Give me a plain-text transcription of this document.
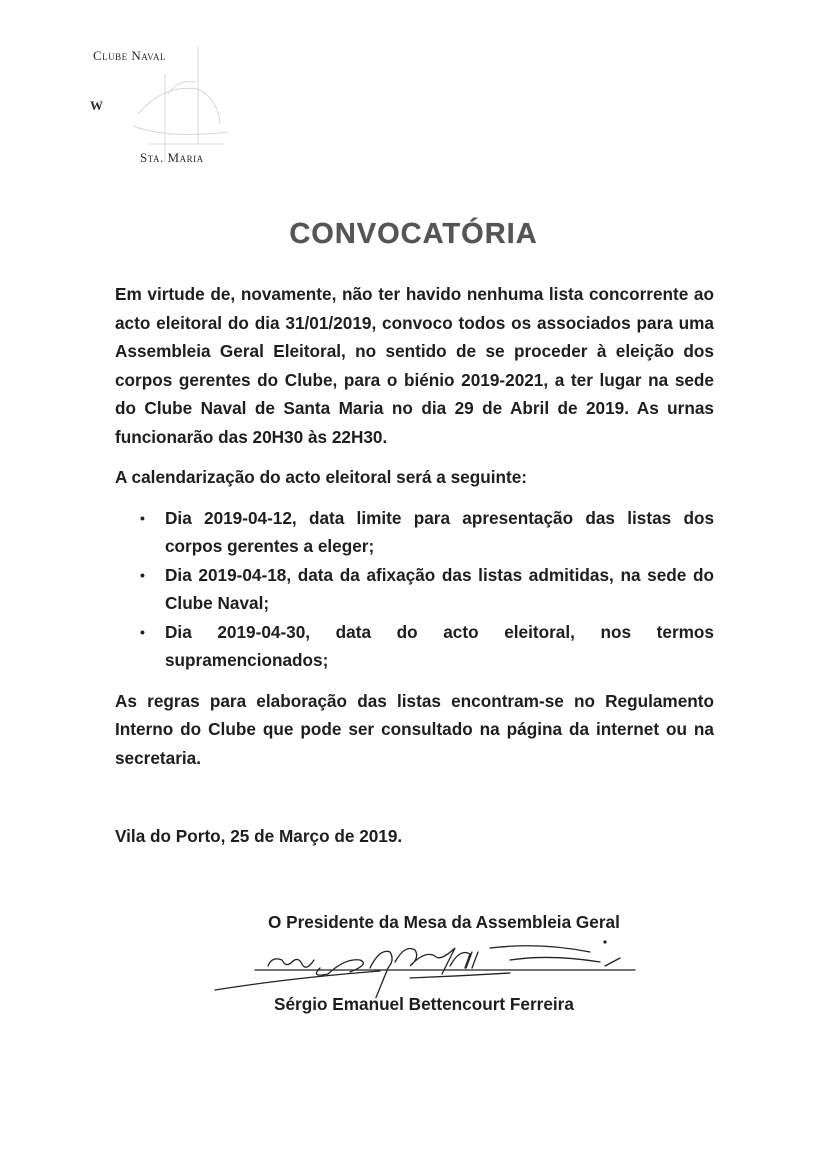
Clube Naval
W
Sta. Maria
CONVOCATÓRIA

Em virtude de, novamente, não ter havido nenhuma lista concorrente ao acto eleitoral do dia 31/01/2019, convoco todos os associados para uma Assembleia Geral Eleitoral, no sentido de se proceder à eleição dos corpos gerentes do Clube, para o biénio 2019-2021, a ter lugar na sede do Clube Naval de Santa Maria no dia 29 de Abril de 2019. As urnas funcionarão das 20H30 às 22H30.

A calendarização do acto eleitoral será a seguinte:

• Dia 2019-04-12, data limite para apresentação das listas dos corpos gerentes a eleger;
• Dia 2019-04-18, data da afixação das listas admitidas, na sede do Clube Naval;
• Dia 2019-04-30, data do acto eleitoral, nos termos supramencionados;

As regras para elaboração das listas encontram-se no Regulamento Interno do Clube que pode ser consultado na página da internet ou na secretaria.

Vila do Porto, 25 de Março de 2019.
O Presidente da Mesa da Assembleia Geral
Sérgio Emanuel Bettencourt Ferreira
